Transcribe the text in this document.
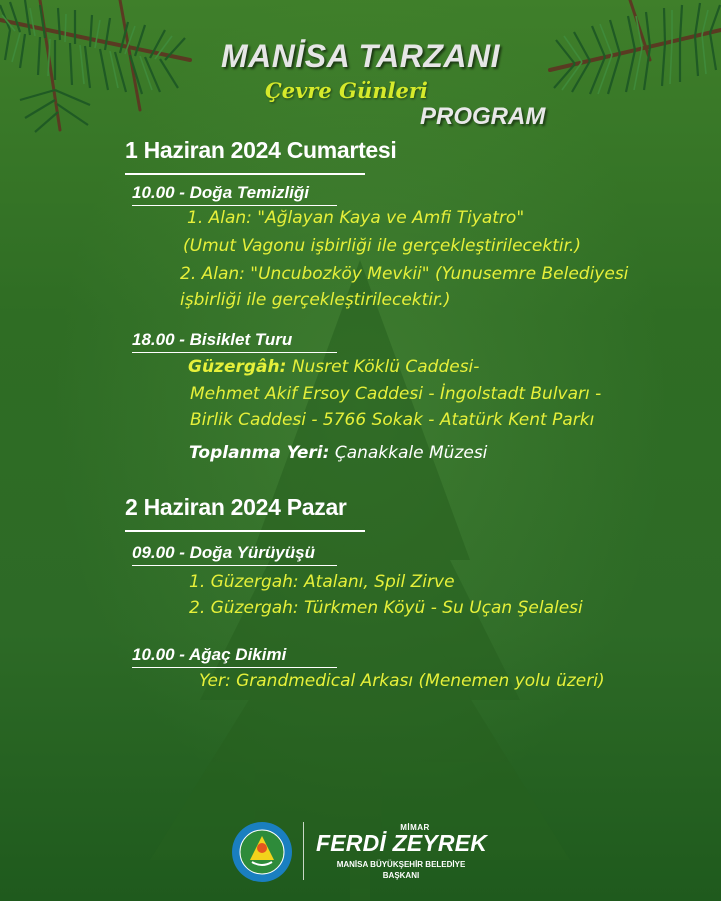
MANİSA TARZANI
Çevre Günleri
PROGRAM
1 Haziran 2024 Cumartesi
10.00 - Doğa Temizliği
1. Alan: "Ağlayan Kaya ve Amfi Tiyatro"
(Umut Vagonu işbirliği ile gerçekleştirilecektir.)
2. Alan: "Uncubozköy Mevkii" (Yunusemre Belediyesi
işbirliği ile gerçekleştirilecektir.)
18.00 - Bisiklet Turu
Güzergâh: Nusret Köklü Caddesi-
Mehmet Akif Ersoy Caddesi - İngolstadt Bulvarı -
Birlik Caddesi - 5766 Sokak - Atatürk Kent Parkı
Toplanma Yeri: Çanakkale Müzesi
2 Haziran 2024 Pazar
09.00 - Doğa Yürüyüşü
1. Güzergah: Atalanı, Spil Zirve
2. Güzergah: Türkmen Köyü - Su Uçan Şelalesi
10.00 - Ağaç Dikimi
Yer: Grandmedical Arkası (Menemen yolu üzeri)
MİMAR
FERDİ ZEYREK
MANİSA BÜYÜKŞEHİR BELEDİYE
BAŞKANI
